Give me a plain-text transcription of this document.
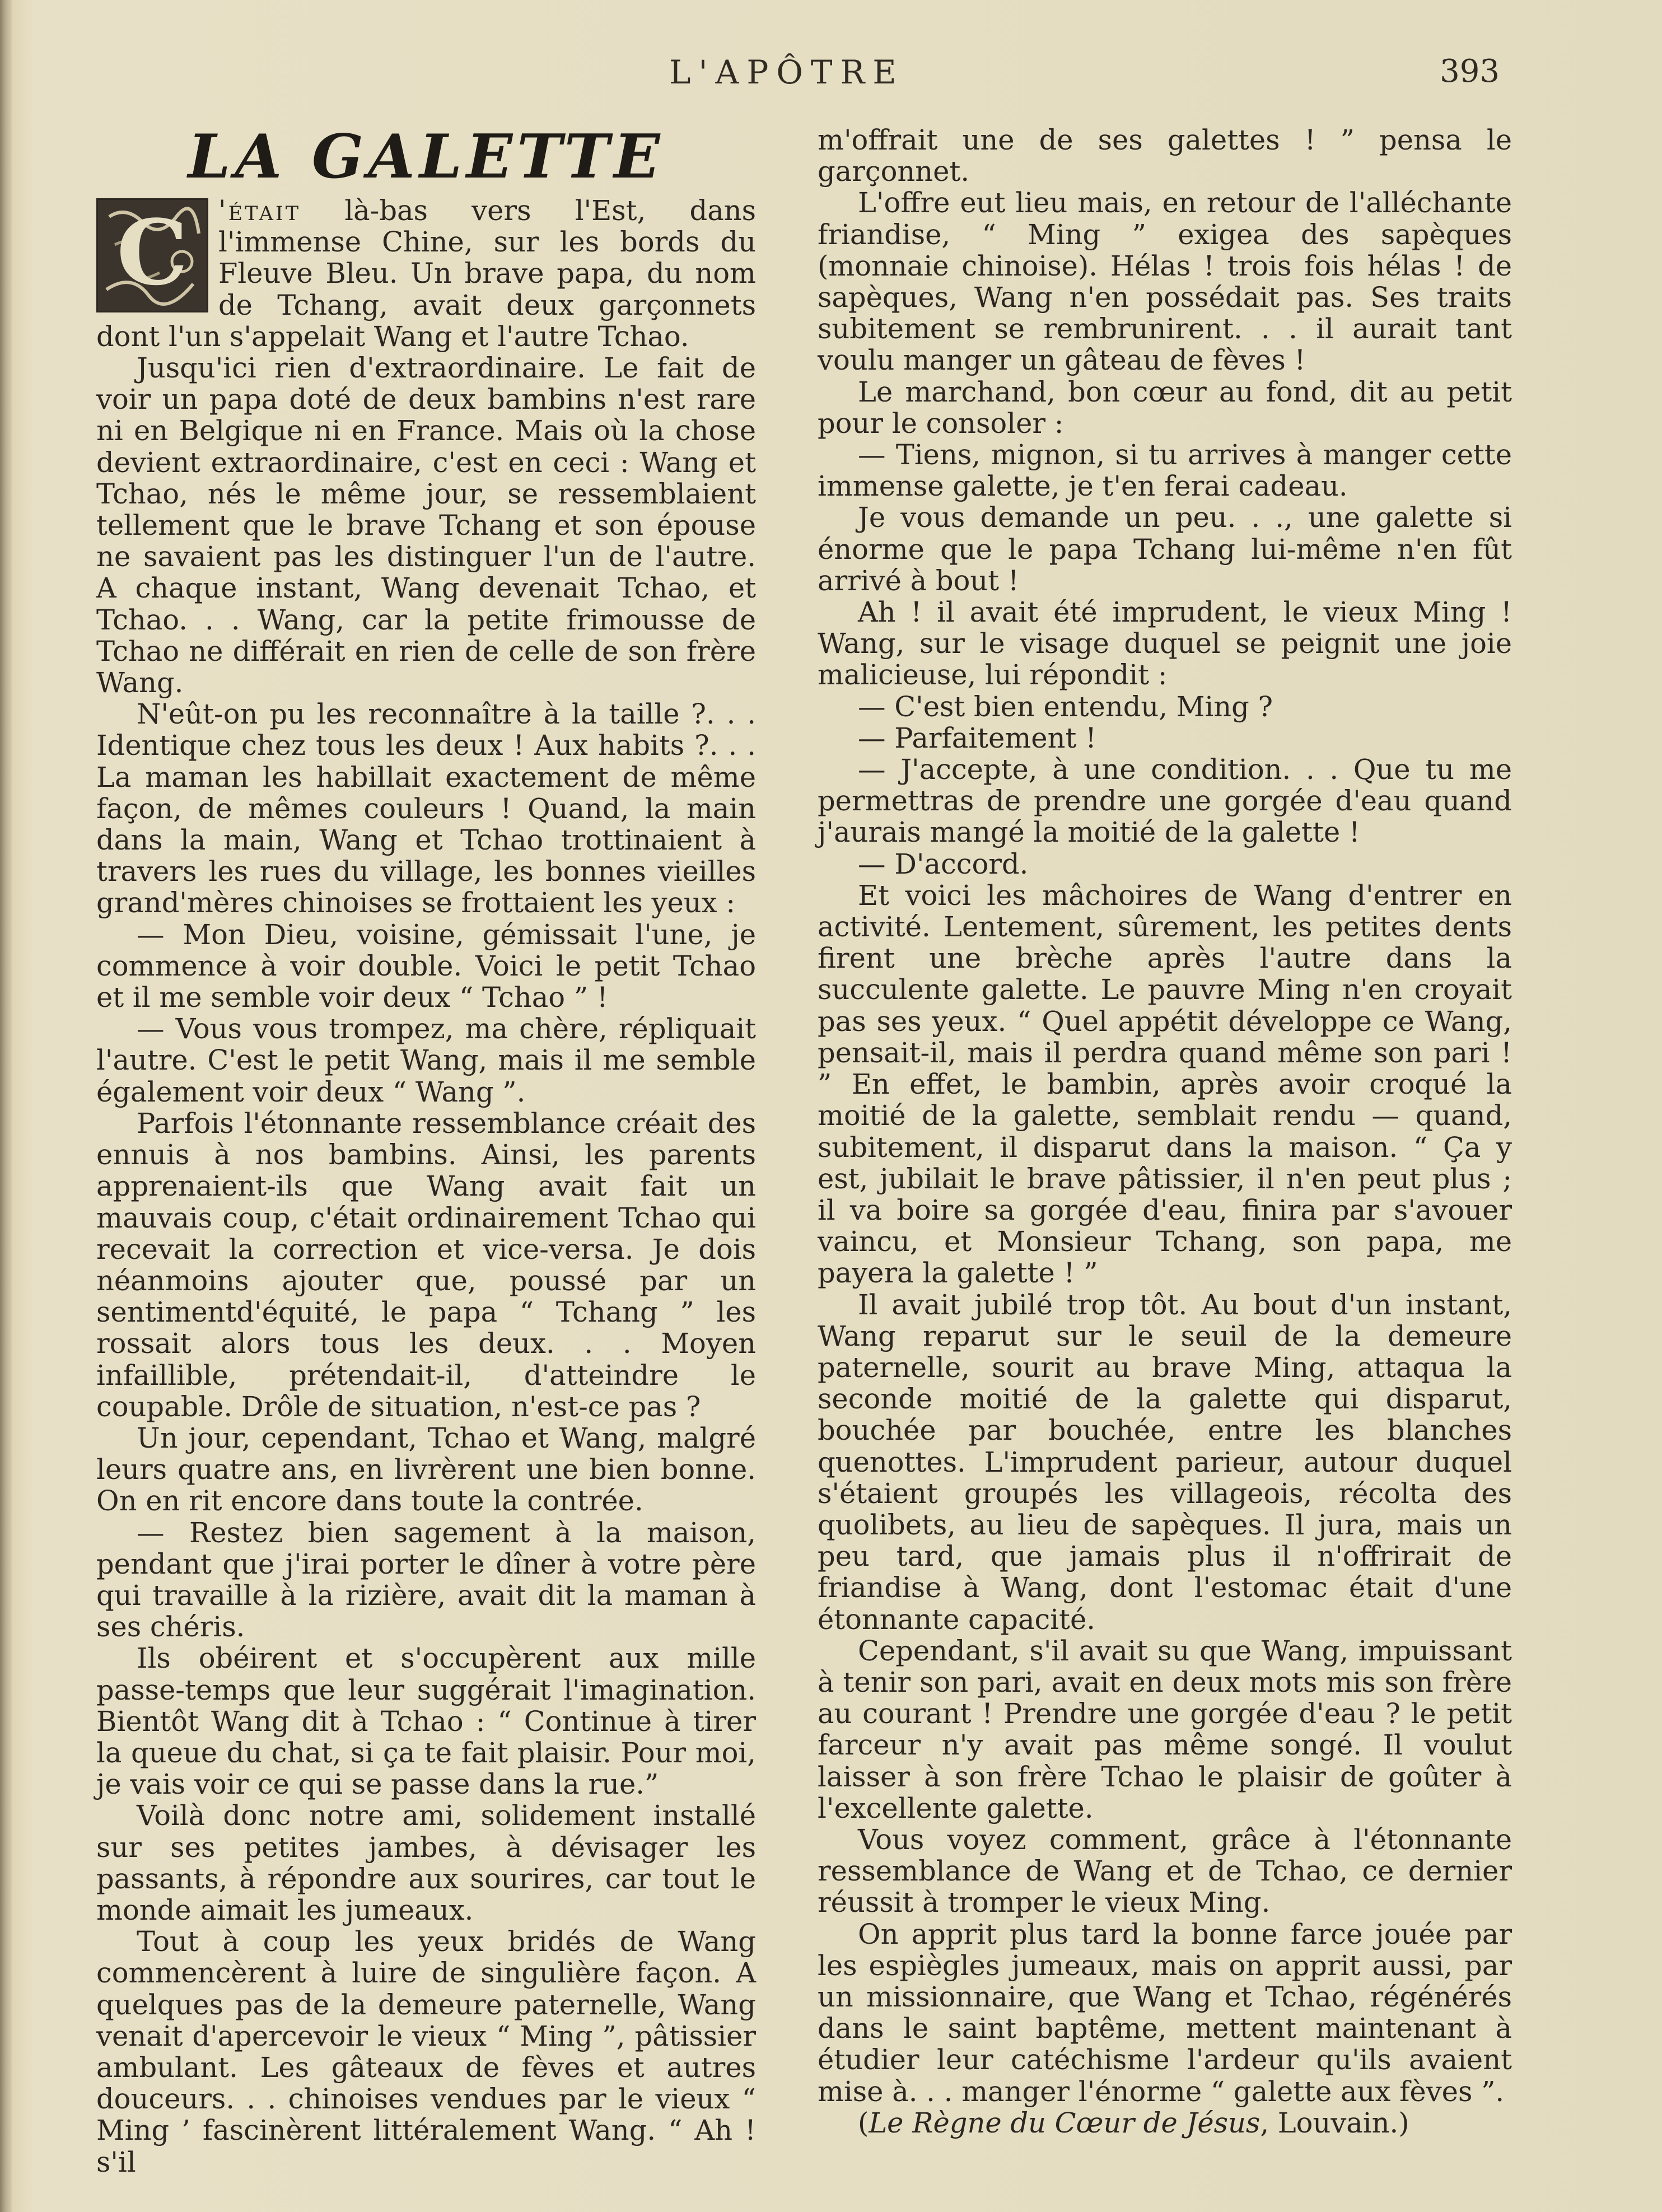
L'APÔTRE	393
LA GALETTE
C	'était là-bas vers l'Est, dans l'immense Chine, sur les bords du Fleuve Bleu. Un brave papa, du nom de Tchang, avait deux garçonnets dont l'un s'appelait Wang et l'autre Tchao.

Jusqu'ici rien d'extraordinaire. Le fait de voir un papa doté de deux bambins n'est rare ni en Belgique ni en France. Mais où la chose devient extraordinaire, c'est en ceci : Wang et Tchao, nés le même jour, se ressemblaient tellement que le brave Tchang et son épouse ne savaient pas les distinguer l'un de l'autre. A chaque instant, Wang devenait Tchao, et Tchao. . . Wang, car la petite frimousse de Tchao ne différait en rien de celle de son frère Wang.

N'eût-on pu les reconnaître à la taille ?. . . Identique chez tous les deux ! Aux habits ?. . . La maman les habillait exactement de même façon, de mêmes couleurs ! Quand, la main dans la main, Wang et Tchao trottinaient à travers les rues du village, les bonnes vieilles grand'mères chinoises se frottaient les yeux :

— Mon Dieu, voisine, gémissait l'une, je commence à voir double. Voici le petit Tchao et il me semble voir deux “ Tchao ” !

— Vous vous trompez, ma chère, répliquait l'autre. C'est le petit Wang, mais il me semble également voir deux “ Wang ”.

Parfois l'étonnante ressemblance créait des ennuis à nos bambins. Ainsi, les parents apprenaient-ils que Wang avait fait un mauvais coup, c'était ordinairement Tchao qui recevait la correction et vice-versa. Je dois néanmoins ajouter que, poussé par un sentimentd'équité, le papa “ Tchang ” les rossait alors tous les deux. . . Moyen infaillible, prétendait-il, d'atteindre le coupable. Drôle de situation, n'est-ce pas ?

Un jour, cependant, Tchao et Wang, malgré leurs quatre ans, en livrèrent une bien bonne. On en rit encore dans toute la contrée.

— Restez bien sagement à la maison, pendant que j'irai porter le dîner à votre père qui travaille à la rizière, avait dit la maman à ses chéris.

Ils obéirent et s'occupèrent aux mille passe-temps que leur suggérait l'imagination. Bientôt Wang dit à Tchao : “ Continue à tirer la queue du chat, si ça te fait plaisir. Pour moi, je vais voir ce qui se passe dans la rue.”

Voilà donc notre ami, solidement installé sur ses petites jambes, à dévisager les passants, à répondre aux sourires, car tout le monde aimait les jumeaux.

Tout à coup les yeux bridés de Wang commencèrent à luire de singulière façon. A quelques pas de la demeure paternelle, Wang venait d'apercevoir le vieux “ Ming ”, pâtissier ambulant. Les gâteaux de fèves et autres douceurs. . . chinoises vendues par le vieux “ Ming ’ fascinèrent littéralement Wang. “ Ah ! s'il

m'offrait une de ses galettes ! ” pensa le garçonnet.

L'offre eut lieu mais, en retour de l'alléchante friandise, “ Ming ” exigea des sapèques (monnaie chinoise). Hélas ! trois fois hélas ! de sapèques, Wang n'en possédait pas. Ses traits subitement se rembrunirent. . . il aurait tant voulu manger un gâteau de fèves !

Le marchand, bon cœur au fond, dit au petit pour le consoler :

— Tiens, mignon, si tu arrives à manger cette immense galette, je t'en ferai cadeau.

Je vous demande un peu. . ., une galette si énorme que le papa Tchang lui-même n'en fût arrivé à bout !

Ah ! il avait été imprudent, le vieux Ming ! Wang, sur le visage duquel se peignit une joie malicieuse, lui répondit :

— C'est bien entendu, Ming ?

— Parfaitement !

— J'accepte, à une condition. . . Que tu me permettras de prendre une gorgée d'eau quand j'aurais mangé la moitié de la galette !

— D'accord.

Et voici les mâchoires de Wang d'entrer en activité. Lentement, sûrement, les petites dents firent une brèche après l'autre dans la succulente galette. Le pauvre Ming n'en croyait pas ses yeux. “ Quel appétit développe ce Wang, pensait-il, mais il perdra quand même son pari ! ” En effet, le bambin, après avoir croqué la moitié de la galette, semblait rendu — quand, subitement, il disparut dans la maison. “ Ça y est, jubilait le brave pâtissier, il n'en peut plus ; il va boire sa gorgée d'eau, finira par s'avouer vaincu, et Monsieur Tchang, son papa, me payera la galette ! ”

Il avait jubilé trop tôt. Au bout d'un instant, Wang reparut sur le seuil de la demeure paternelle, sourit au brave Ming, attaqua la seconde moitié de la galette qui disparut, bouchée par bouchée, entre les blanches quenottes. L'imprudent parieur, autour duquel s'étaient groupés les villageois, récolta des quolibets, au lieu de sapèques. Il jura, mais un peu tard, que jamais plus il n'offrirait de friandise à Wang, dont l'estomac était d'une étonnante capacité.

Cependant, s'il avait su que Wang, impuissant à tenir son pari, avait en deux mots mis son frère au courant ! Prendre une gorgée d'eau ? le petit farceur n'y avait pas même songé. Il voulut laisser à son frère Tchao le plaisir de goûter à l'excellente galette.

Vous voyez comment, grâce à l'étonnante ressemblance de Wang et de Tchao, ce dernier réussit à tromper le vieux Ming.

On apprit plus tard la bonne farce jouée par les espiègles jumeaux, mais on apprit aussi, par un missionnaire, que Wang et Tchao, régénérés dans le saint baptême, mettent maintenant à étudier leur catéchisme l'ardeur qu'ils avaient mise à. . . manger l'énorme “ galette aux fèves ”.

(Le Règne du Cœur de Jésus, Louvain.)
